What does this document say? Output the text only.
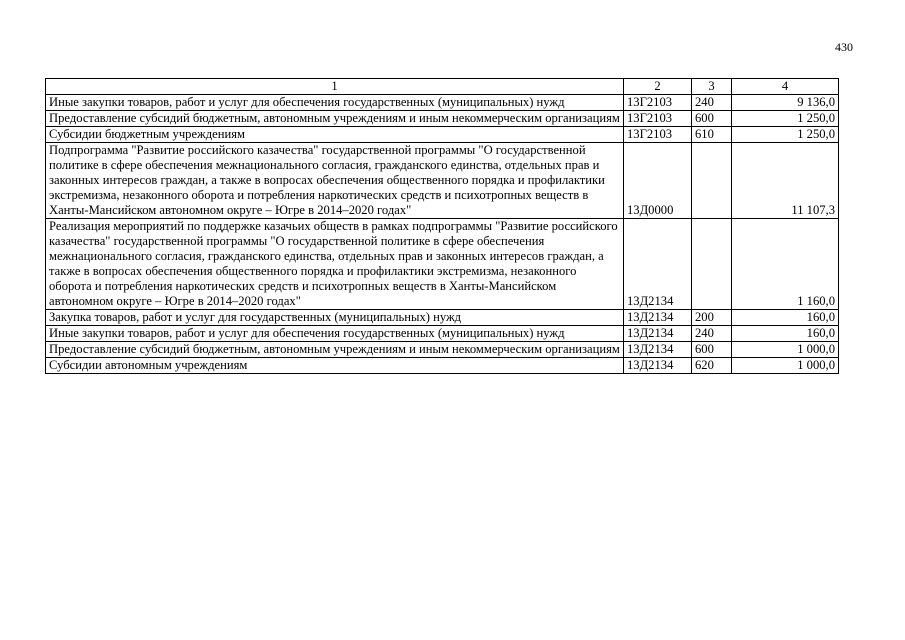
430
1	2	3	4
Иные закупки товаров, работ и услуг для обеспечения государственных (муниципальных) нужд	13Г2103	240	9 136,0
Предоставление субсидий бюджетным, автономным учреждениям и иным некоммерческим организациям	13Г2103	600	1 250,0
Субсидии бюджетным учреждениям	13Г2103	610	1 250,0
Подпрограмма "Развитие российского казачества" государственной программы "О государственной политике в сфере обеспечения межнационального согласия, гражданского единства, отдельных прав и законных интересов граждан, а также в вопросах обеспечения общественного порядка и профилактики экстремизма, незаконного оборота и потребления наркотических средств и психотропных веществ в Ханты-Мансийском автономном округе – Югре в 2014–2020 годах"	13Д0000		11 107,3
Реализация мероприятий по поддержке казачьих обществ в рамках подпрограммы "Развитие российского казачества" государственной программы "О государственной политике в сфере обеспечения межнационального согласия, гражданского единства, отдельных прав и законных интересов граждан, а также в вопросах обеспечения общественного порядка и профилактики экстремизма, незаконного оборота и потребления наркотических средств и психотропных веществ в Ханты-Мансийском автономном округе – Югре в 2014–2020 годах"	13Д2134		1 160,0
Закупка товаров, работ и услуг для государственных (муниципальных) нужд	13Д2134	200	160,0
Иные закупки товаров, работ и услуг для обеспечения государственных (муниципальных) нужд	13Д2134	240	160,0
Предоставление субсидий бюджетным, автономным учреждениям и иным некоммерческим организациям	13Д2134	600	1 000,0
Субсидии автономным учреждениям	13Д2134	620	1 000,0
